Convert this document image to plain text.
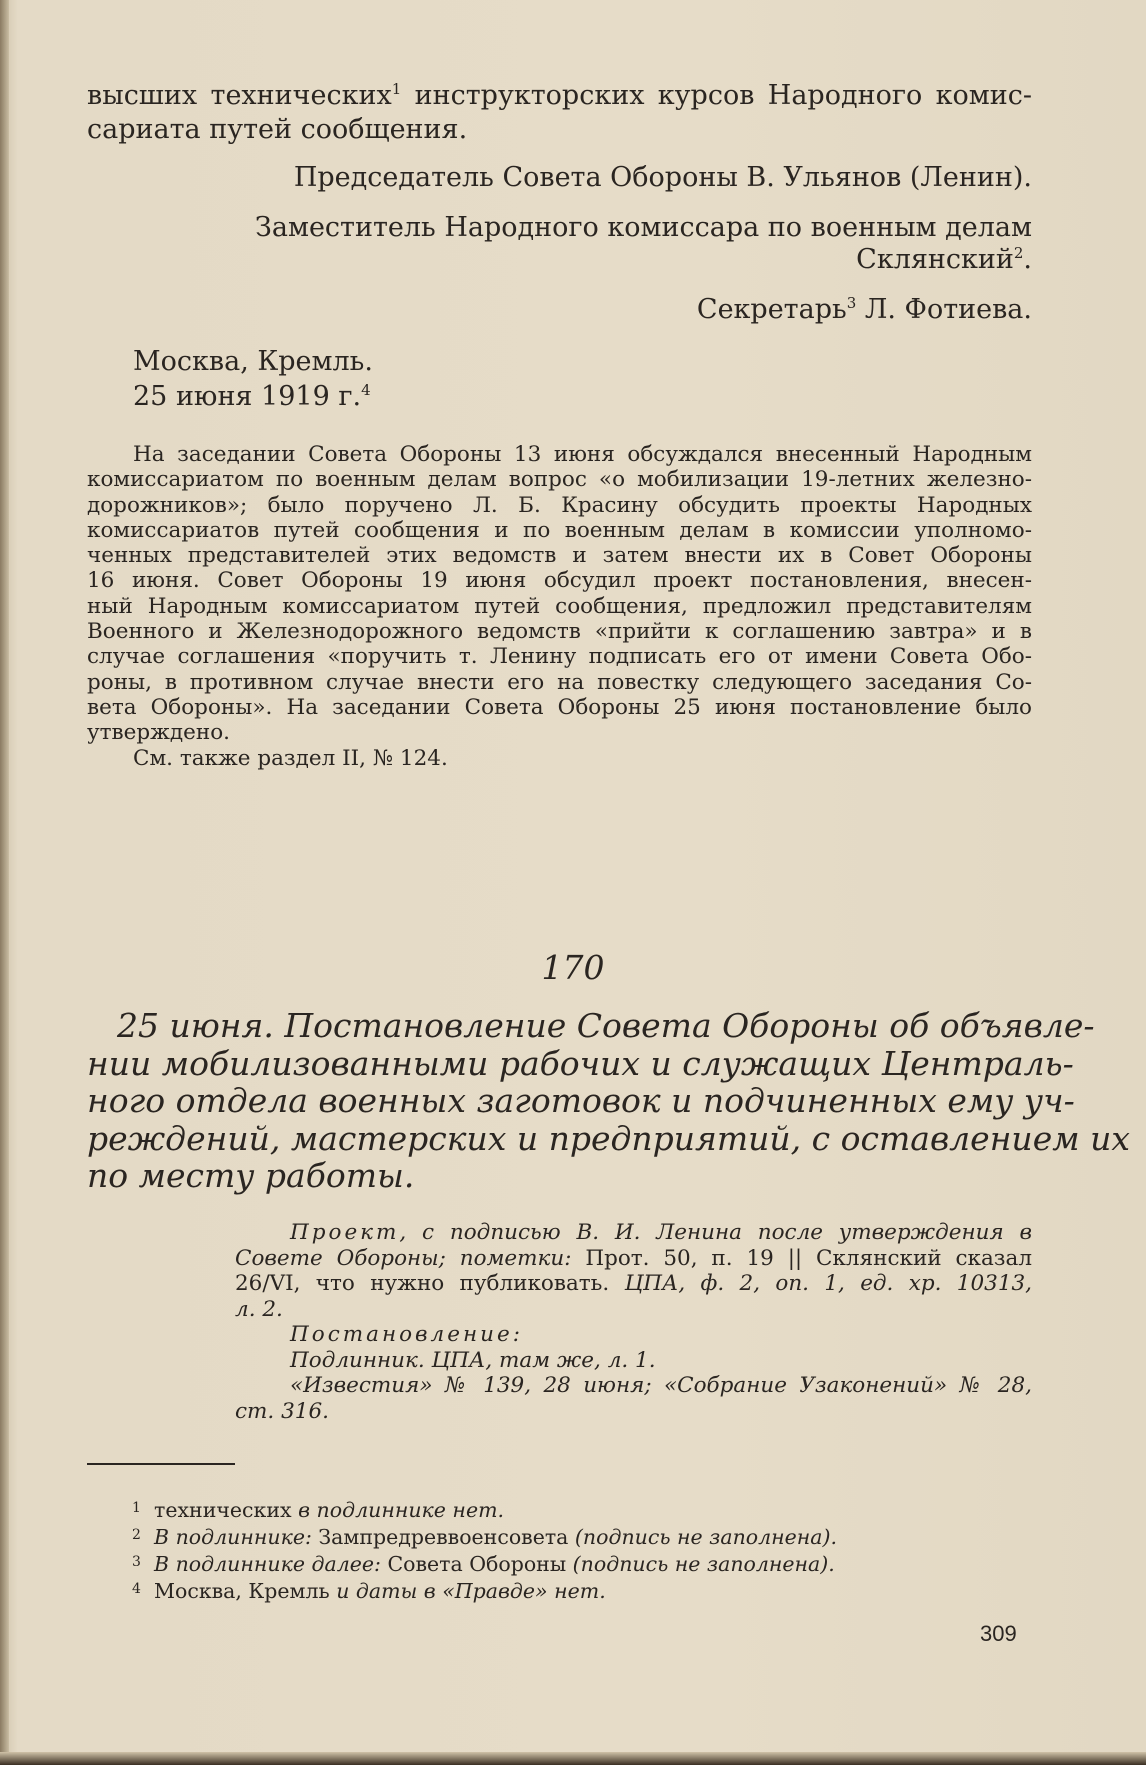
высших технических$^1$ инструкторских курсов Народного комис-
сариата путей сообщения.
Председатель Совета Обороны В. Ульянов (Ленин).
Заместитель Народного комиссара по военным делам
Склянский$^2$.
Секретарь$^3$ Л. Фотиева.
Москва, Кремль.
25 июня 1919 г.$^4$
На заседании Совета Обороны 13 июня обсуждался внесенный Народным
комиссариатом по военным делам вопрос «о мобилизации 19-летних железно-
дорожников»; было поручено Л. Б. Красину обсудить проекты Народных
комиссариатов путей сообщения и по военным делам в комиссии уполномо-
ченных представителей этих ведомств и затем внести их в Совет Обороны
16 июня. Совет Обороны 19 июня обсудил проект постановления, внесен-
ный Народным комиссариатом путей сообщения, предложил представителям
Военного и Железнодорожного ведомств «прийти к соглашению завтра» и в
случае соглашения «поручить т. Ленину подписать его от имени Совета Обо-
роны, в противном случае внести его на повестку следующего заседания Со-
вета Обороны». На заседании Совета Обороны 25 июня постановление было
утверждено.
См. также раздел II, № 124.
170
25 июня. Постановление Совета Обороны об объявле-
нии мобилизованными рабочих и служащих Централь-
ного отдела военных заготовок и подчиненных ему уч-
реждений, мастерских и предприятий, с оставлением их
по месту работы.
Проект, с подписью В. И. Ленина после утверждения в
Совете Обороны; пометки: Прот. 50, п. 19 || Склянский сказал
26/VI, что нужно публиковать. ЦПА, ф. 2, оп. 1, ед. хр. 10313,
л. 2.
Постановление:
Подлинник. ЦПА, там же, л. 1.
«Известия» № 139, 28 июня; «Собрание Узаконений» № 28,
ст. 316.
1 технических в подлиннике нет.
2 В подлиннике: Зампредреввоенсовета (подпись не заполнена).
3 В подлиннике далее: Совета Обороны (подпись не заполнена).
4 Москва, Кремль и даты в «Правде» нет.
309
